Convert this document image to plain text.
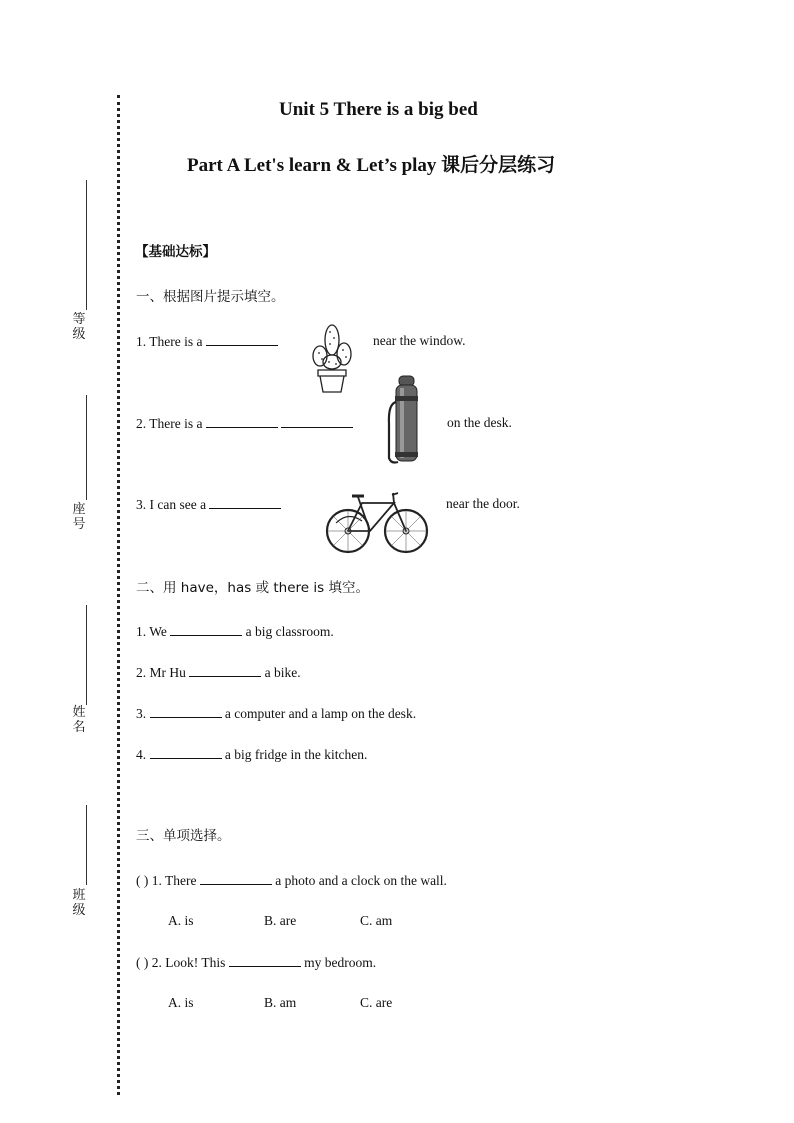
等级
座号
姓名
班级
Unit 5 There is a big bed
Part A Let's learn & Let’s play 课后分层练习
【基础达标】
一、根据图片提示填空。
1. There is a	near the window.
2. There is a	on the desk.
3. I can see a	near the door.
二、用 have，has 或 there is 填空。
1. We	a big classroom.
2. Mr Hu	a bike.
3.	a computer and a lamp on the desk.
4.	a big fridge in the kitchen.
三、单项选择。
( ) 1. There	a photo and a clock on the wall.
A. is	B. are	C. am
( ) 2. Look! This	my bedroom.
A. is	B. am	C. are
